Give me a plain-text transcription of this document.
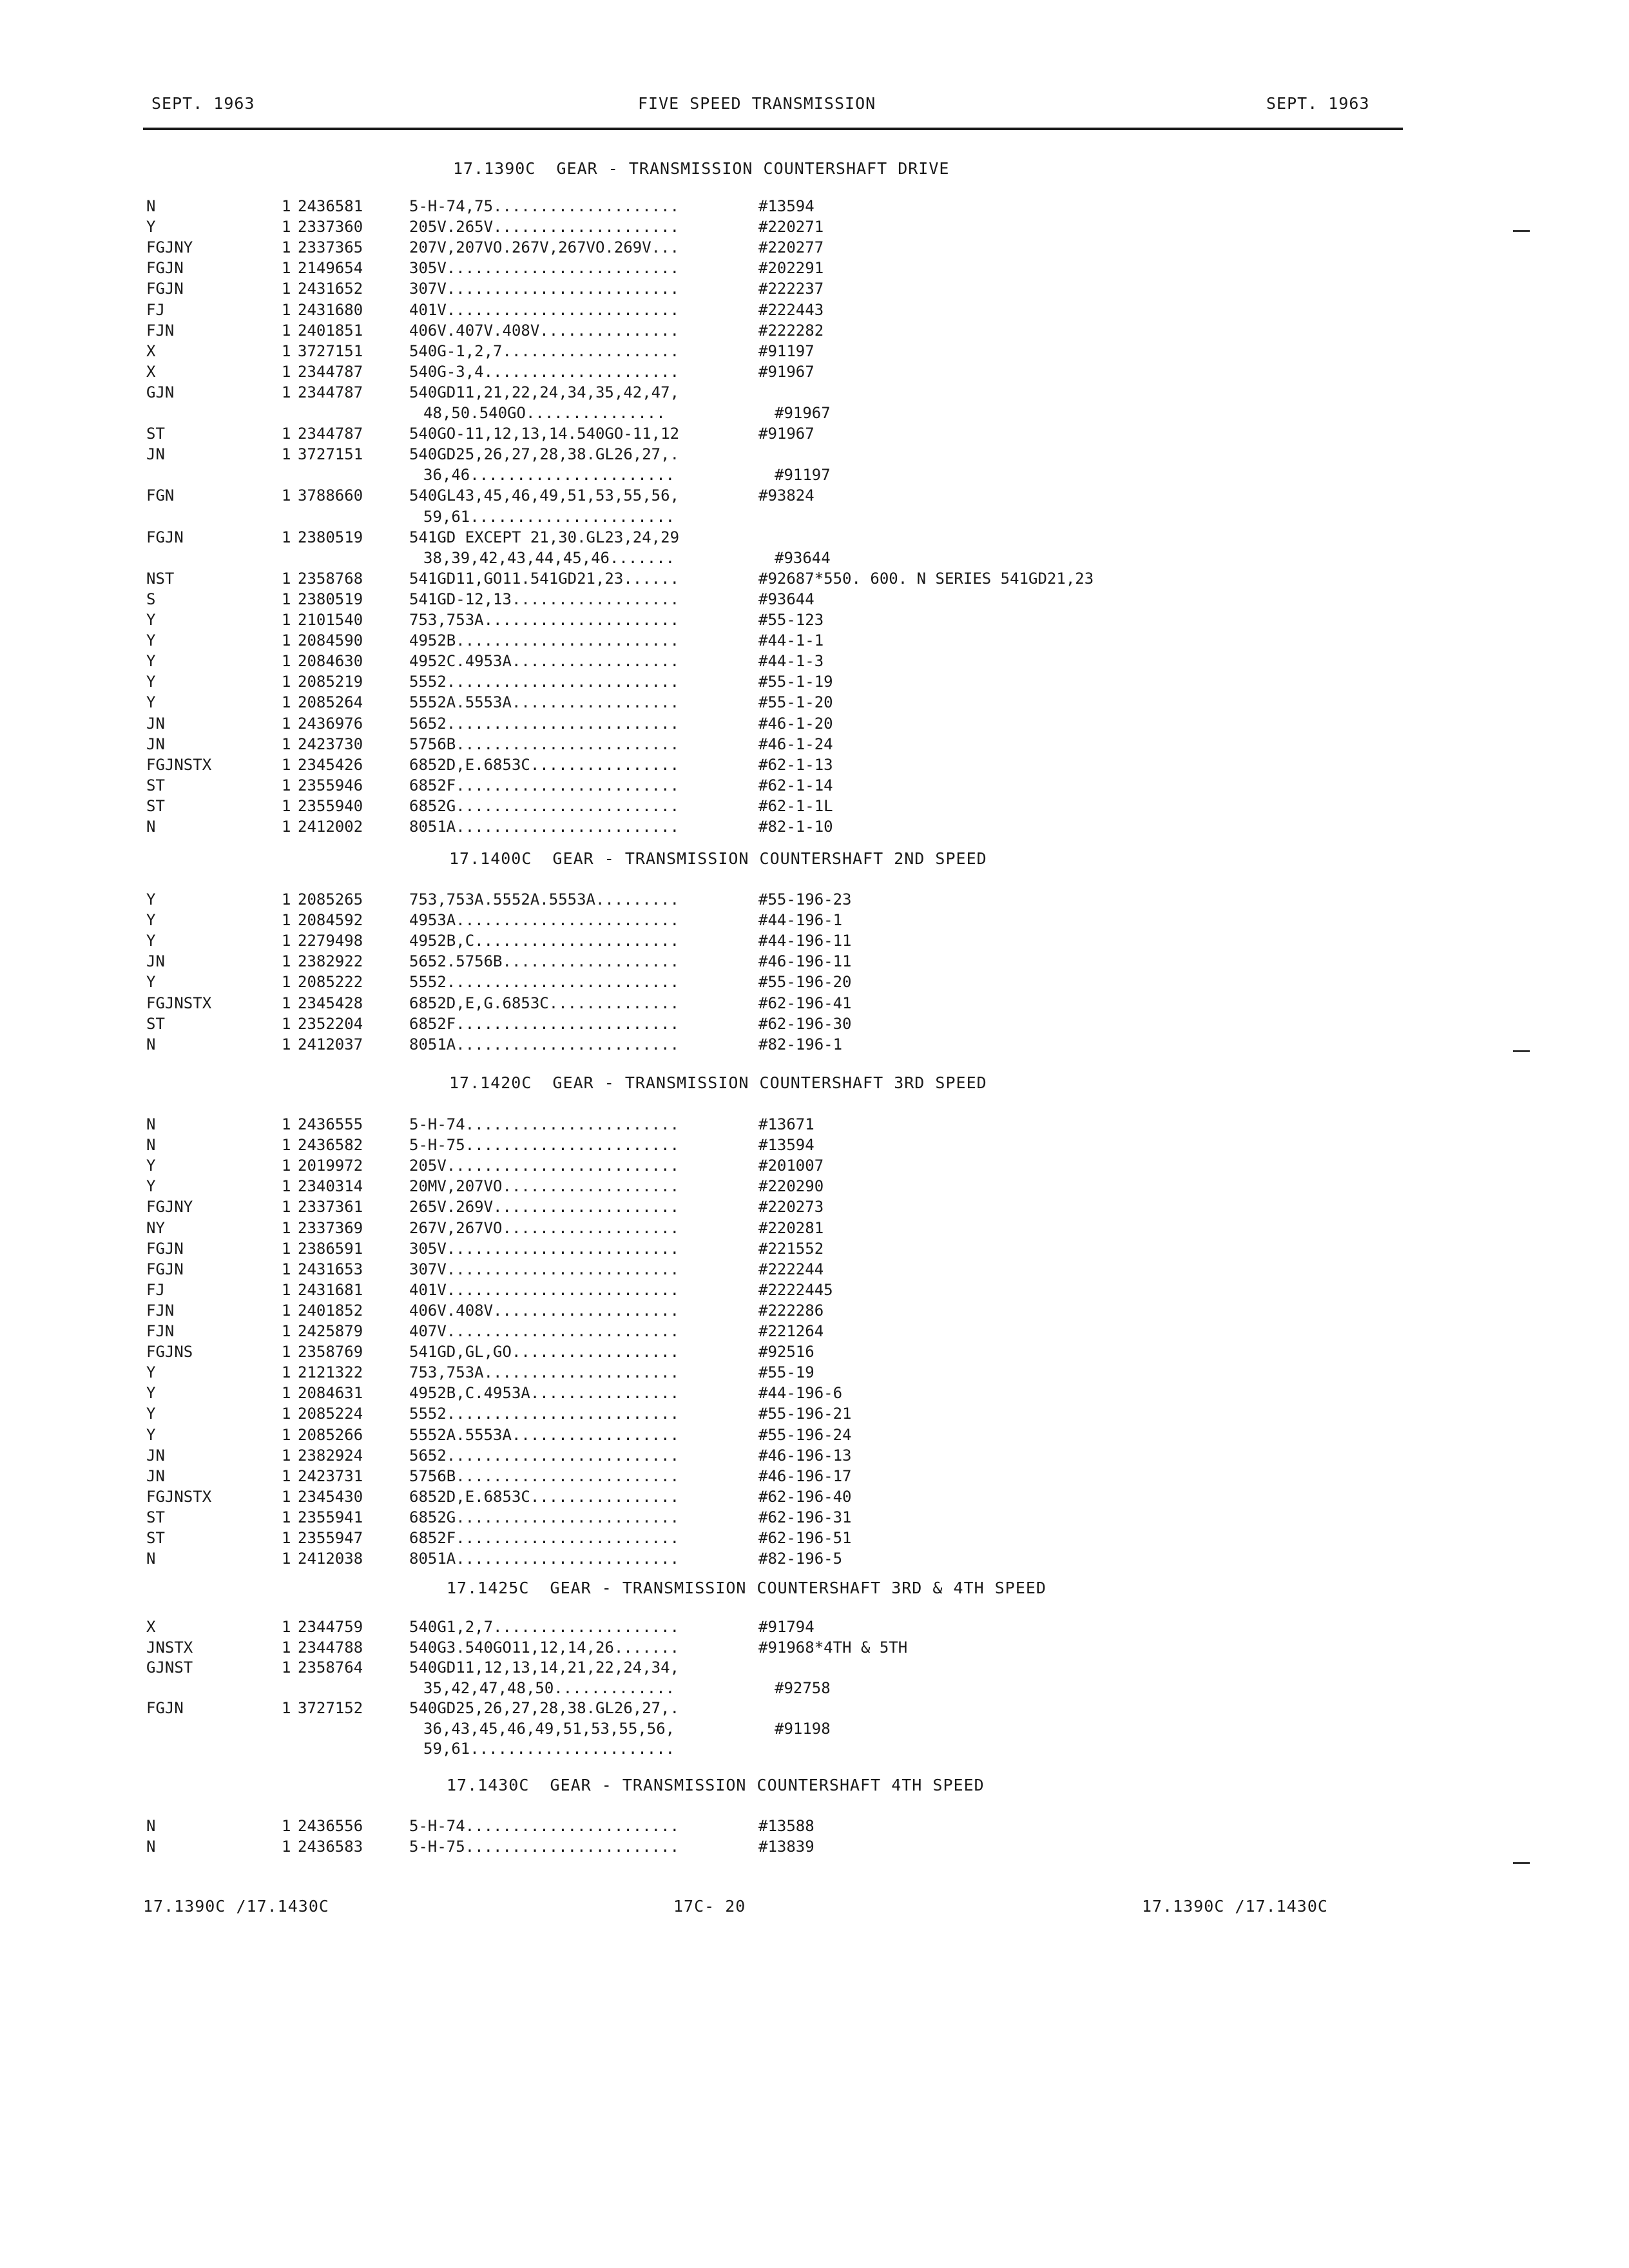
SEPT. 1963	FIVE SPEED TRANSMISSION	SEPT. 1963
17.1390C  GEAR - TRANSMISSION COUNTERSHAFT DRIVE
N	1 2436581	5-H-74,75....................	#13594
Y	1 2337360	205V.265V....................	#220271
FGJNY	1 2337365	207V,207VO.267V,267VO.269V...	#220277
FGJN	1 2149654	305V.........................	#202291
FGJN	1 2431652	307V.........................	#222237
FJ	1 2431680	401V.........................	#222443
FJN	1 2401851	406V.407V.408V...............	#222282
X	1 3727151	540G-1,2,7...................	#91197
X	1 2344787	540G-3,4.....................	#91967
GJN	1 2344787	540GD11,21,22,24,34,35,42,47,
48,50.540GO...............	#91967
ST	1 2344787	540GO-11,12,13,14.540GO-11,12	#91967
JN	1 3727151	540GD25,26,27,28,38.GL26,27,.
36,46......................	#91197
FGN	1 3788660	540GL43,45,46,49,51,53,55,56,	#93824
59,61......................
FGJN	1 2380519	541GD EXCEPT 21,30.GL23,24,29
38,39,42,43,44,45,46.......	#93644
NST	1 2358768	541GD11,GO11.541GD21,23......	#92687*550. 600. N SERIES 541GD21,23
S	1 2380519	541GD-12,13..................	#93644
Y	1 2101540	753,753A.....................	#55-123
Y	1 2084590	4952B........................	#44-1-1
Y	1 2084630	4952C.4953A..................	#44-1-3
Y	1 2085219	5552.........................	#55-1-19
Y	1 2085264	5552A.5553A..................	#55-1-20
JN	1 2436976	5652.........................	#46-1-20
JN	1 2423730	5756B........................	#46-1-24
FGJNSTX	1 2345426	6852D,E.6853C................	#62-1-13
ST	1 2355946	6852F........................	#62-1-14
ST	1 2355940	6852G........................	#62-1-1L
N	1 2412002	8051A........................	#82-1-10
17.1400C  GEAR - TRANSMISSION COUNTERSHAFT 2ND SPEED
Y	1 2085265	753,753A.5552A.5553A.........	#55-196-23
Y	1 2084592	4953A........................	#44-196-1
Y	1 2279498	4952B,C......................	#44-196-11
JN	1 2382922	5652.5756B...................	#46-196-11
Y	1 2085222	5552.........................	#55-196-20
FGJNSTX	1 2345428	6852D,E,G.6853C..............	#62-196-41
ST	1 2352204	6852F........................	#62-196-30
N	1 2412037	8051A........................	#82-196-1
17.1420C  GEAR - TRANSMISSION COUNTERSHAFT 3RD SPEED
N	1 2436555	5-H-74.......................	#13671
N	1 2436582	5-H-75.......................	#13594
Y	1 2019972	205V.........................	#201007
Y	1 2340314	20MV,207VO...................	#220290
FGJNY	1 2337361	265V.269V....................	#220273
NY	1 2337369	267V,267VO...................	#220281
FGJN	1 2386591	305V.........................	#221552
FGJN	1 2431653	307V.........................	#222244
FJ	1 2431681	401V.........................	#2222445
FJN	1 2401852	406V.408V....................	#222286
FJN	1 2425879	407V.........................	#221264
FGJNS	1 2358769	541GD,GL,GO..................	#92516
Y	1 2121322	753,753A.....................	#55-19
Y	1 2084631	4952B,C.4953A................	#44-196-6
Y	1 2085224	5552.........................	#55-196-21
Y	1 2085266	5552A.5553A..................	#55-196-24
JN	1 2382924	5652.........................	#46-196-13
JN	1 2423731	5756B........................	#46-196-17
FGJNSTX	1 2345430	6852D,E.6853C................	#62-196-40
ST	1 2355941	6852G........................	#62-196-31
ST	1 2355947	6852F........................	#62-196-51
N	1 2412038	8051A........................	#82-196-5
17.1425C  GEAR - TRANSMISSION COUNTERSHAFT 3RD & 4TH SPEED
X	1 2344759	540G1,2,7....................	#91794
JNSTX	1 2344788	540G3.540GO11,12,14,26.......	#91968*4TH & 5TH
GJNST	1 2358764	540GD11,12,13,14,21,22,24,34,
35,42,47,48,50.............	#92758
FGJN	1 3727152	540GD25,26,27,28,38.GL26,27,.
36,43,45,46,49,51,53,55,56,	#91198
59,61......................
17.1430C  GEAR - TRANSMISSION COUNTERSHAFT 4TH SPEED
N	1 2436556	5-H-74.......................	#13588
N	1 2436583	5-H-75.......................	#13839
17.1390C /17.1430C	17C- 20	17.1390C /17.1430C
